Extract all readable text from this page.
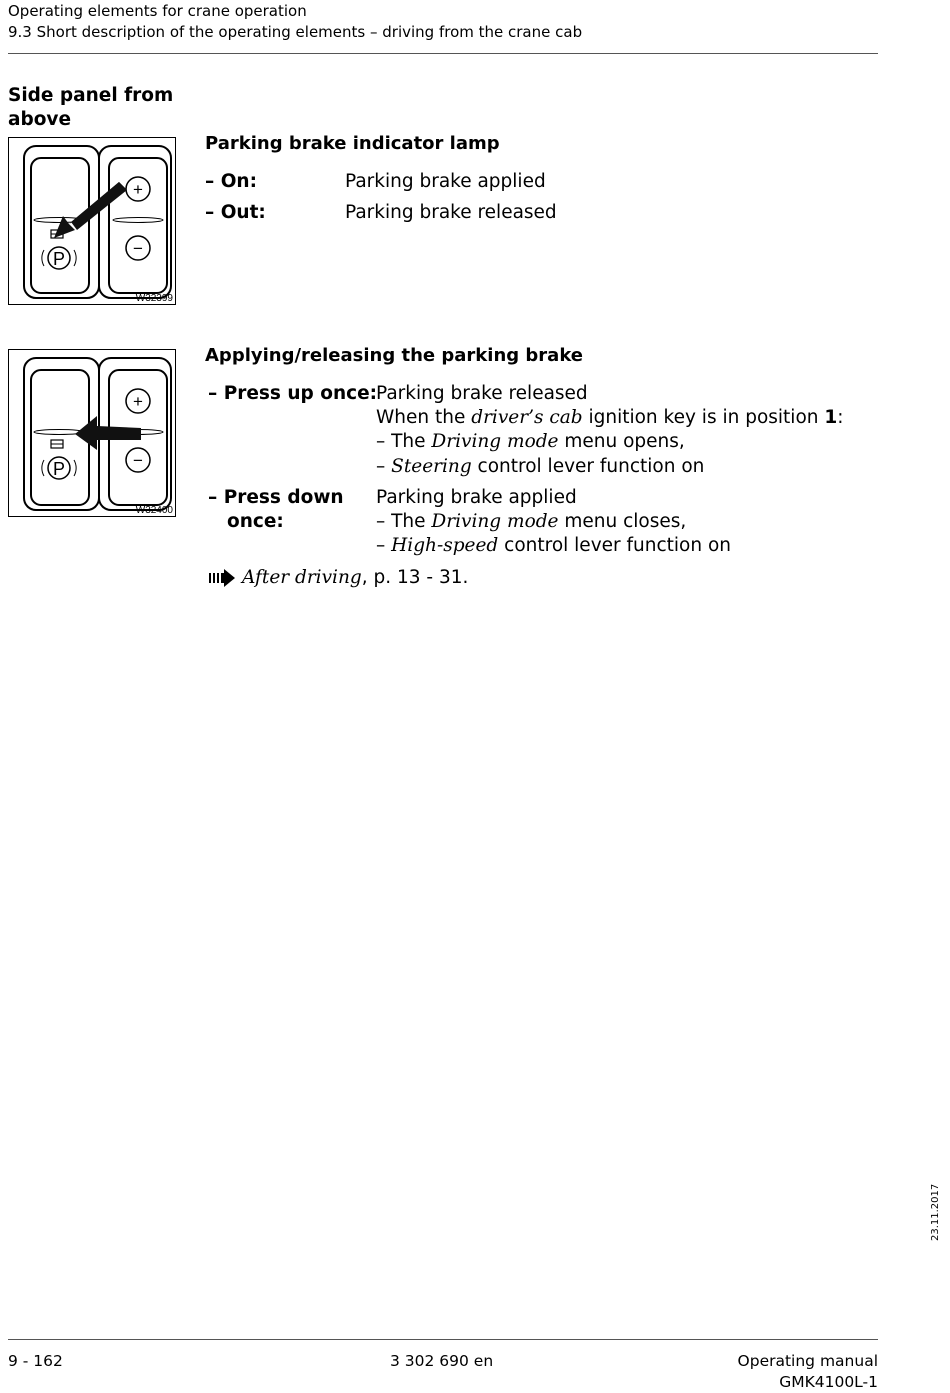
Operating elements for crane operation
9.3 Short description of the operating elements – driving from the crane cab
Side panel from above
P
+
−
W32399
Parking brake indicator lamp
– On:	Parking brake applied
– Out:	Parking brake released
P
+
−
W32400
Applying/releasing the parking brake
– Press up once:
Parking brake released
When the driver’s cab ignition key is in position 1:
– The Driving mode menu opens,
– Steering control lever function on
– Press down
once:
Parking brake applied
– The Driving mode menu closes,
– High-speed control lever function on
After driving, p. 13 - 31.
23.11.2017
9 - 162	3 302 690 en	Operating manual
GMK4100L-1
